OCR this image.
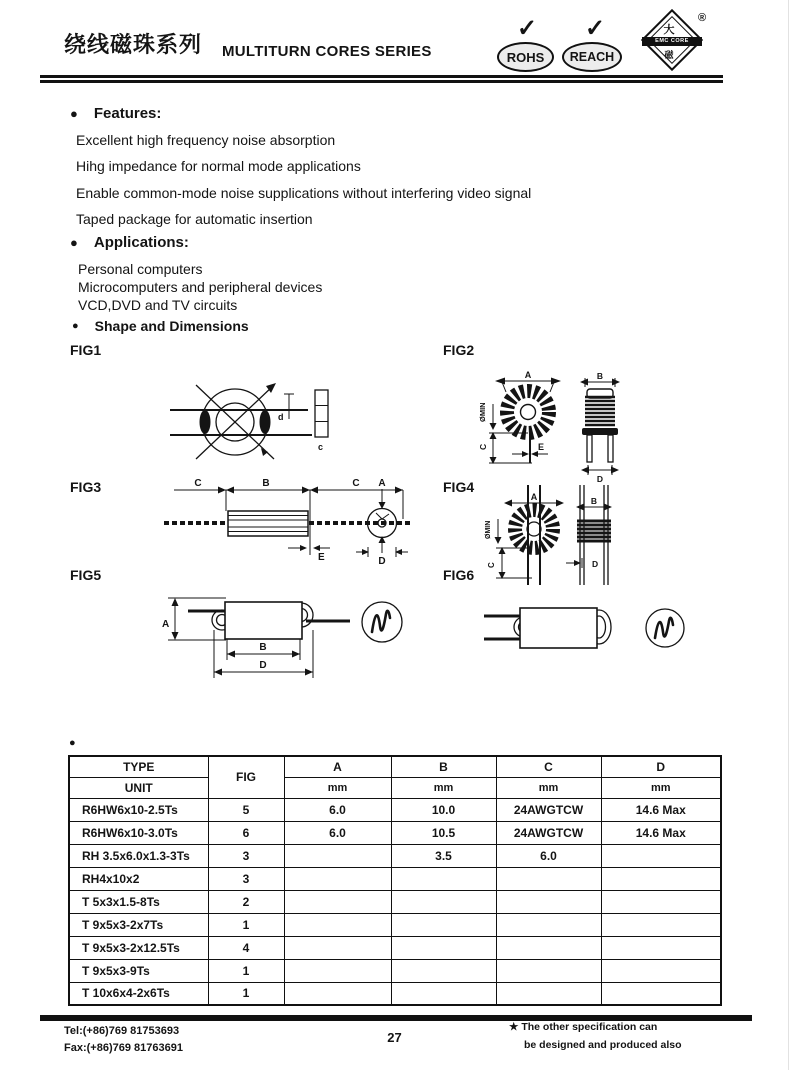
绕线磁珠系列 MULTITURN CORES SERIES
✓
ROHS
✓
REACH
大
EMC CORE
磁
®
● Features:
Excellent high frequency noise absorption
Hihg impedance for normal mode applications
Enable common-mode noise supplications without interfering video signal
Taped package for automatic insertion
● Applications:
Personal computers
Microcomputers and peripheral devices
VCD,DVD and TV circuits
● Shape and Dimensions
FIG1	FIG2
FIG3	FIG4
FIG5	FIG6
d
c
A
ØMIN
C	E
B
D
C	B	C
E
A
D
A
ØMIN
C
B
D
A
B
D
●
TYPE	FIG	A	B	C	D
UNIT		mm	mm	mm	mm
R6HW6x10-2.5Ts	5	6.0	10.0	24AWGTCW	14.6 Max
R6HW6x10-3.0Ts	6	6.0	10.5	24AWGTCW	14.6 Max
RH 3.5x6.0x1.3-3Ts	3		3.5	6.0	
RH4x10x2	3				
T 5x3x1.5-8Ts	2				
T 9x5x3-2x7Ts	1				
T 9x5x3-2x12.5Ts	4				
T 9x5x3-9Ts	1				
T 10x6x4-2x6Ts	1				
Tel:(+86)769 81753693
Fax:(+86)769 81763691
27
★ The other specification can
be designed and produced also
